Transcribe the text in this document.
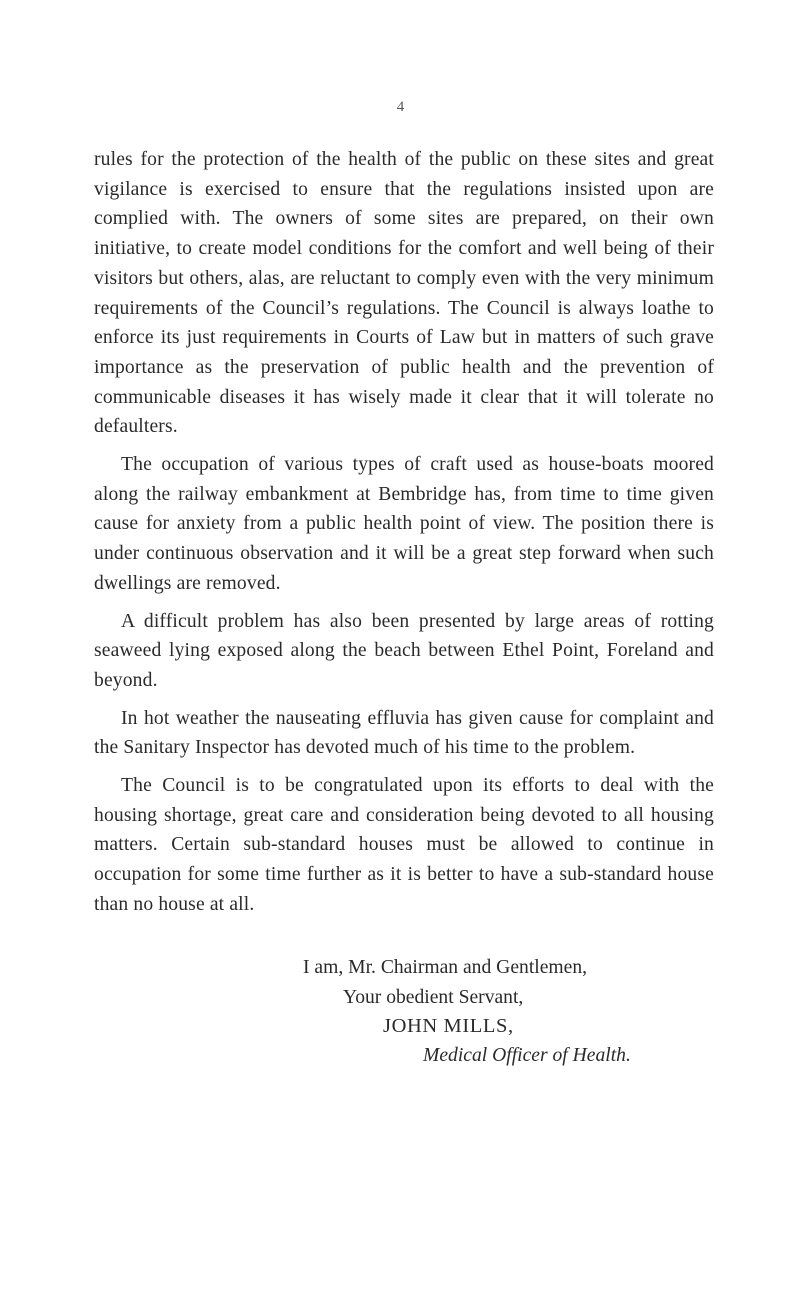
4

rules for the protection of the health of the public on these sites and great vigilance is exercised to ensure that the regulations insisted upon are complied with. The owners of some sites are prepared, on their own initiative, to create model conditions for the comfort and well being of their visitors but others, alas, are reluctant to comply even with the very minimum requirements of the Council’s regulations. The Council is always loathe to enforce its just requirements in Courts of Law but in matters of such grave importance as the preservation of public health and the prevention of communicable diseases it has wisely made it clear that it will tolerate no defaulters.

The occupation of various types of craft used as house-boats moored along the railway embankment at Bembridge has, from time to time given cause for anxiety from a public health point of view. The position there is under continuous observation and it will be a great step forward when such dwellings are removed.

A difficult problem has also been presented by large areas of rotting seaweed lying exposed along the beach between Ethel Point, Foreland and beyond.

In hot weather the nauseating effluvia has given cause for complaint and the Sanitary Inspector has devoted much of his time to the problem.

The Council is to be congratulated upon its efforts to deal with the housing shortage, great care and consideration being devoted to all housing matters. Certain sub-standard houses must be allowed to continue in occupation for some time further as it is better to have a sub-standard house than no house at all.

I am, Mr. Chairman and Gentlemen,
Your obedient Servant,
JOHN MILLS,
Medical Officer of Health.
